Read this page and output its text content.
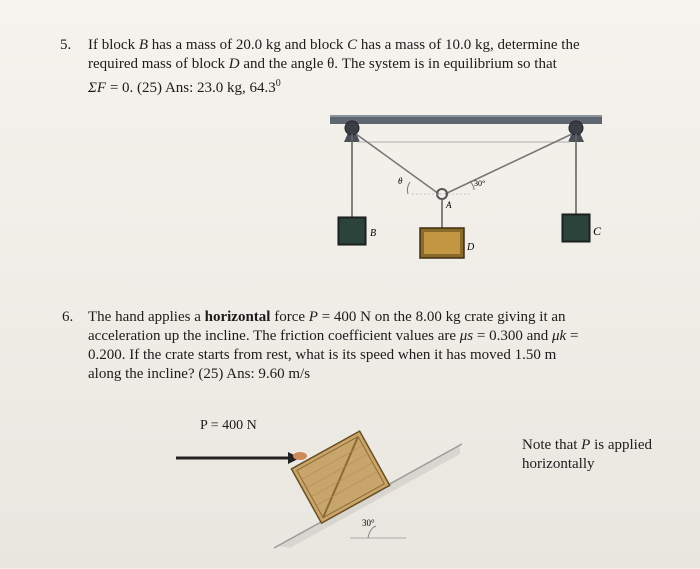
5. If block B has a mass of 20.0 kg and block C has a mass of 10.0 kg, determine the
required mass of block D and the angle θ. The system is in equilibrium so that
ΣF = 0. (25) Ans: 23.0 kg, 64.3$^0$
B	C
D
A
θ	30°
6. The hand applies a horizontal force P = 400 N on the 8.00 kg crate giving it an
acceleration up the incline. The friction coefficient values are μs = 0.300 and μk =
0.200. If the crate starts from rest, what is its speed when it has moved 1.50 m
along the incline? (25) Ans: 9.60 m/s
P = 400 N
30°
Note that P is applied
horizontally
